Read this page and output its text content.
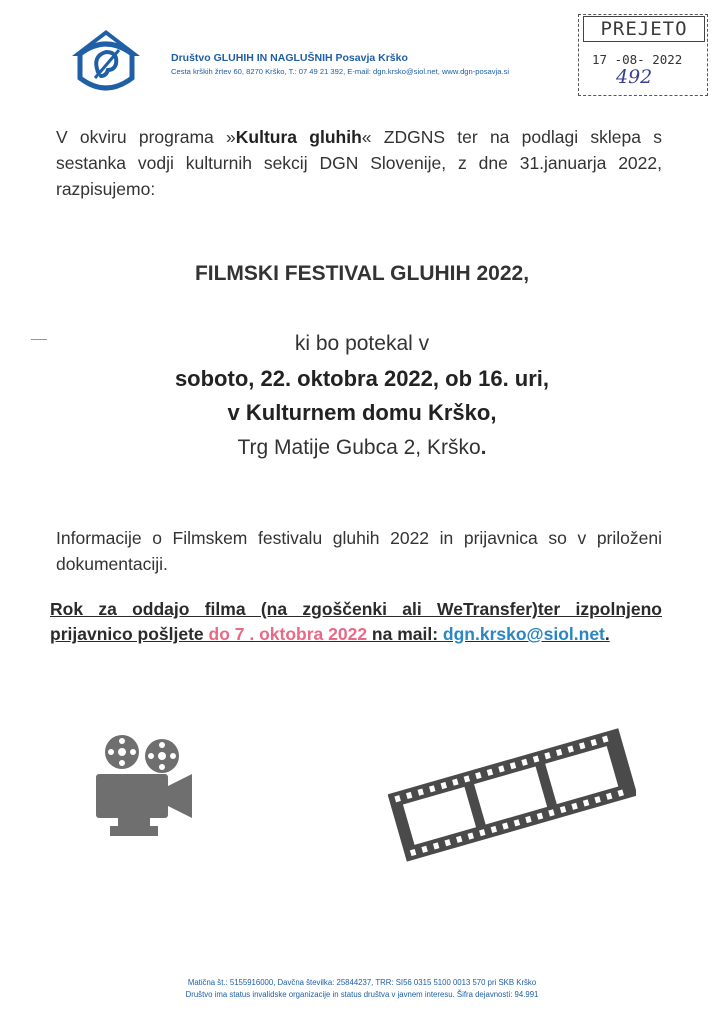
Društvo GLUHIH IN NAGLUŠNIH Posavja Krško
Cesta krških žrtev 60, 8270 Krško, T.: 07 49 21 392, E-mail: dgn.krsko@siol.net, www.dgn-posavja.si
PREJETO
17 -08- 2022
492
V okviru programa »Kultura gluhih« ZDGNS ter na podlagi sklepa s sestanka vodji kulturnih sekcij DGN Slovenije, z dne 31.januarja 2022, razpisujemo:
FILMSKI FESTIVAL GLUHIH 2022,
ki bo potekal v
soboto, 22. oktobra 2022, ob 16. uri,
v Kulturnem domu Krško,
Trg Matije Gubca 2, Krško.
Informacije o Filmskem festivalu gluhih 2022 in prijavnica so v priloženi dokumentaciji.
Rok za oddajo filma (na zgoščenki ali WeTransfer)ter izpolnjeno prijavnico pošljete do 7 . oktobra 2022 na mail: dgn.krsko@siol.net.
Matična št.: 5155916000, Davčna številka: 25844237, TRR: SI56 0315 5100 0013 570 pri SKB Krško
Društvo ima status invalidske organizacije in status društva v javnem interesu. Šifra dejavnosti: 94.991
